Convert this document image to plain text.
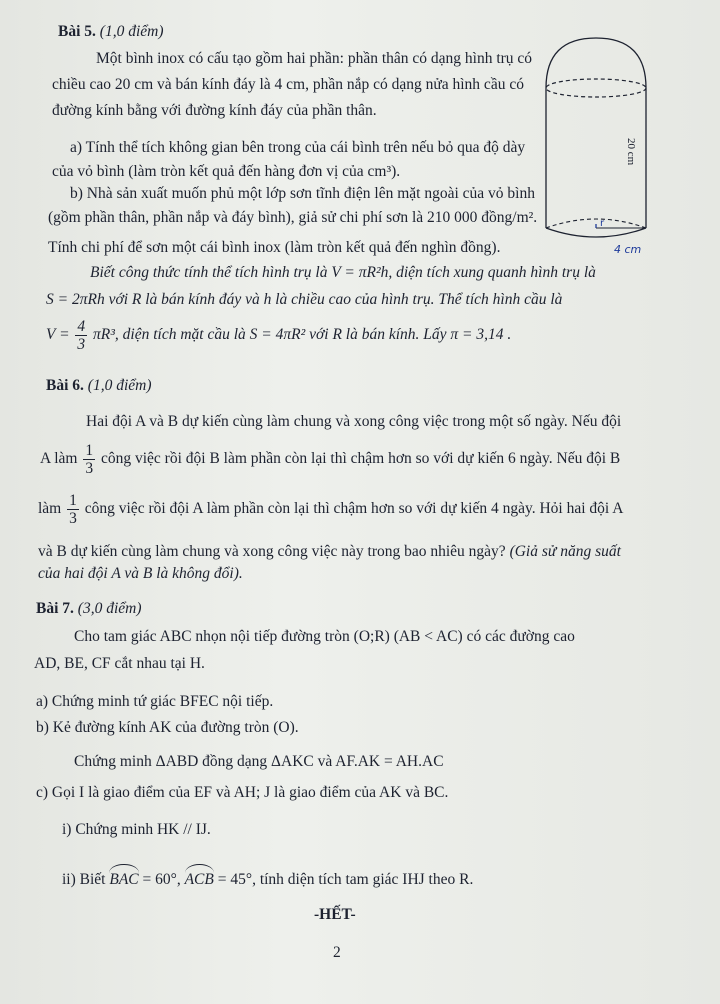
Bài 5. (1,0 điểm)
Một bình inox có cấu tạo gồm hai phần: phần thân có dạng hình trụ có
chiều cao 20 cm và bán kính đáy là 4 cm, phần nắp có dạng nửa hình cầu có
đường kính bằng với đường kính đáy của phần thân.
a) Tính thể tích không gian bên trong của cái bình trên nếu bỏ qua độ dày
của vỏ bình (làm tròn kết quả đến hàng đơn vị của cm³).
b) Nhà sản xuất muốn phủ một lớp sơn tĩnh điện lên mặt ngoài của vỏ bình
(gồm phần thân, phần nắp và đáy bình), giả sử chi phí sơn là 210 000 đồng/m².
Tính chi phí để sơn một cái bình inox (làm tròn kết quả đến nghìn đồng).
Biết công thức tính thể tích hình trụ là V = πR²h, diện tích xung quanh hình trụ là
S = 2πRh với R là bán kính đáy và h là chiều cao của hình trụ. Thể tích hình cầu là
$V = \frac{4}{3} \pi R^3$, diện tích mặt cầu là S = 4πR² với R là bán kính. Lấy π = 3,14 .
r
20 cm
4 cm
Bài 6. (1,0 điểm)
Hai đội A và B dự kiến cùng làm chung và xong công việc trong một số ngày. Nếu đội
A làm $\frac{1}{3}$ công việc rồi đội B làm phần còn lại thì chậm hơn so với dự kiến 6 ngày. Nếu đội B
làm $\frac{1}{3}$ công việc rồi đội A làm phần còn lại thì chậm hơn so với dự kiến 4 ngày. Hỏi hai đội A
và B dự kiến cùng làm chung và xong công việc này trong bao nhiêu ngày? (Giả sử năng suất
của hai đội A và B là không đổi).
Bài 7. (3,0 điểm)
Cho tam giác ABC nhọn nội tiếp đường tròn (O;R) (AB < AC) có các đường cao
AD, BE, CF cắt nhau tại H.
a) Chứng minh tứ giác BFEC nội tiếp.
b) Kẻ đường kính AK của đường tròn (O).
Chứng minh ΔABD đồng dạng ΔAKC và AF.AK = AH.AC
c) Gọi I là giao điểm của EF và AH; J là giao điểm của AK và BC.
i) Chứng minh HK // IJ.
ii) Biết BAC = 60°, ACB = 45°, tính diện tích tam giác IHJ theo R.
-HẾT-
2
